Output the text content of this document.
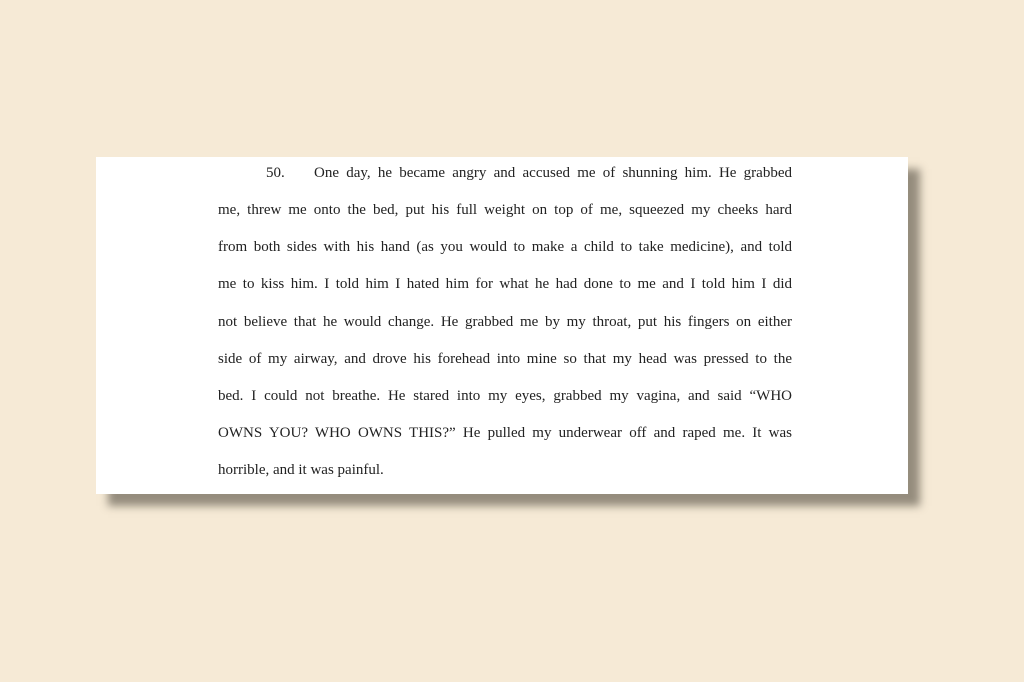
50. One day, he became angry and accused me of shunning him. He grabbed
me, threw me onto the bed, put his full weight on top of me, squeezed my cheeks hard
from both sides with his hand (as you would to make a child to take medicine), and told
me to kiss him. I told him I hated him for what he had done to me and I told him I did
not believe that he would change. He grabbed me by my throat, put his fingers on either
side of my airway, and drove his forehead into mine so that my head was pressed to the
bed. I could not breathe. He stared into my eyes, grabbed my vagina, and said “WHO
OWNS YOU? WHO OWNS THIS?” He pulled my underwear off and raped me. It was
horrible, and it was painful.
